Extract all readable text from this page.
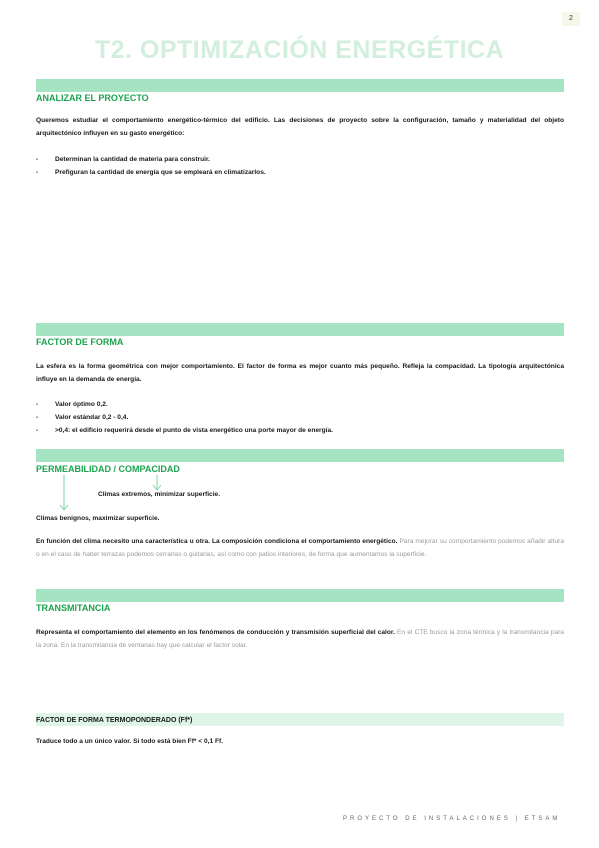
2
T2. OPTIMIZACIÓN ENERGÉTICA
ANALIZAR EL PROYECTO

Queremos estudiar el comportamiento energético-térmico del edificio. Las decisiones de proyecto sobre la configuración, tamaño y materialidad del objeto arquitectónico influyen en su gasto energético:

-	Determinan la cantidad de materia para construir.
-	Prefiguran la cantidad de energía que se empleará en climatizarlos.
FACTOR DE FORMA

La esfera es la forma geométrica con mejor comportamiento. El factor de forma es mejor cuanto más pequeño. Refleja la compacidad. La tipología arquitectónica influye en la demanda de energía.

-	Valor óptimo 0,2.
-	Valor estándar 0,2 - 0,4.
-	>0,4: el edificio requerirá desde el punto de vista energético una porte mayor de energía.
PERMEABILIDAD / COMPACIDAD
Climas extremos, minimizar superficie.
Climas benignos, maximizar superficie.

En función del clima necesito una característica u otra. La composición condiciona el comportamiento energético. Para mejorar su comportamiento podemos añadir altura o en el caso de haber terrazas podemos cerrarlas o quitarlas, así como con patios interiores, de forma que aumentamos la superficie.

TRANSMITANCIA

Representa el comportamiento del elemento en los fenómenos de conducción y transmisión superficial del calor. En el CTE busco la zona térmica y la transmitancia para la zona. En la transmitancia de ventanas hay que calcular el factor solar.

FACTOR DE FORMA TERMOPONDERADO (Ff*)
Traduce todo a un único valor. Si todo está bien Ff* < 0,1 Ff.
PROYECTO DE INSTALACIONES | ETSAM
